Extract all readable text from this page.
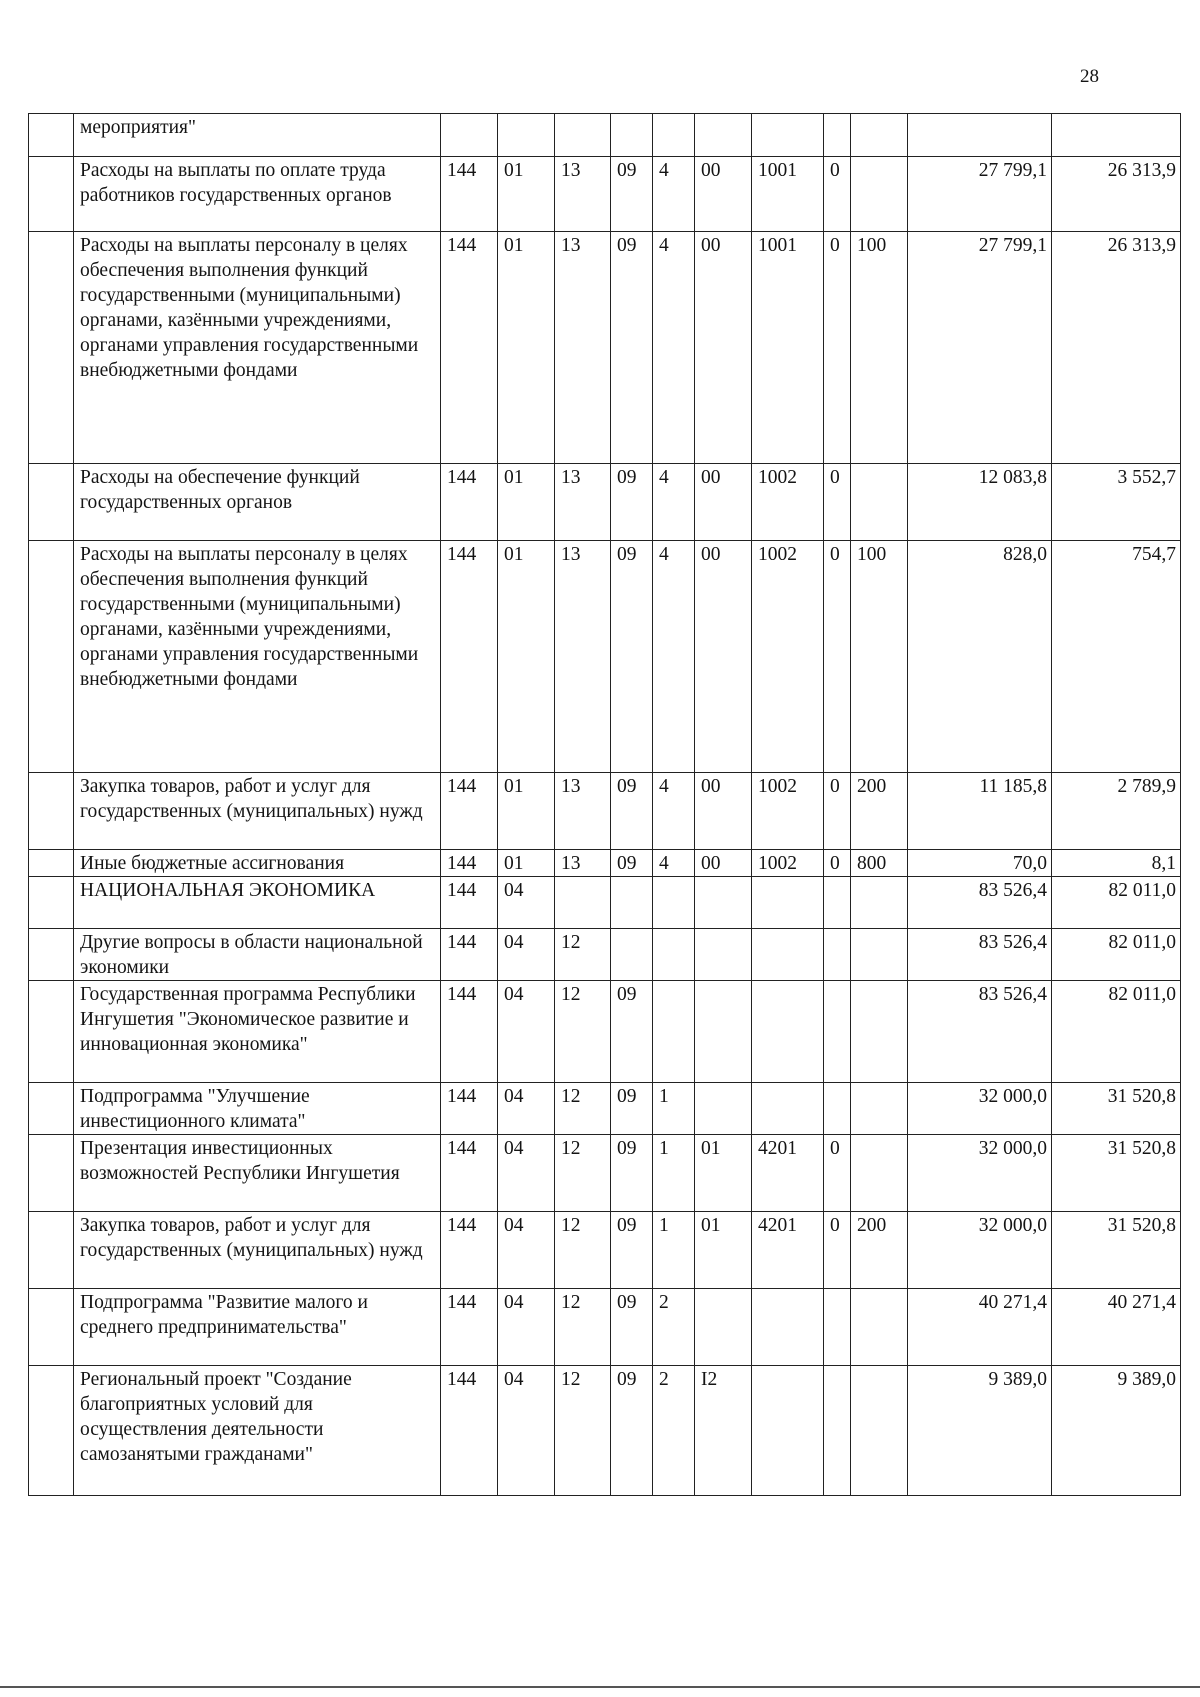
28
	мероприятия"											
	Расходы на выплаты по оплате труда работников государственных органов	144	01	13	09	4	00	1001	0		27 799,1	26 313,9
	Расходы на выплаты персоналу в целях обеспечения выполнения функций государственными (муниципальными) органами, казёнными учреждениями, органами управления государственными внебюджетными фондами	144	01	13	09	4	00	1001	0	100	27 799,1	26 313,9
	Расходы на обеспечение функций государственных органов	144	01	13	09	4	00	1002	0		12 083,8	3 552,7
	Расходы на выплаты персоналу в целях обеспечения выполнения функций государственными (муниципальными) органами, казёнными учреждениями, органами управления государственными внебюджетными фондами	144	01	13	09	4	00	1002	0	100	828,0	754,7
	Закупка товаров, работ и услуг для государственных (муниципальных) нужд	144	01	13	09	4	00	1002	0	200	11 185,8	2 789,9
	Иные бюджетные ассигнования	144	01	13	09	4	00	1002	0	800	70,0	8,1
	НАЦИОНАЛЬНАЯ ЭКОНОМИКА	144	04								83 526,4	82 011,0
	Другие вопросы в области национальной экономики	144	04	12							83 526,4	82 011,0
	Государственная программа Республики Ингушетия "Экономическое развитие и инновационная экономика"	144	04	12	09						83 526,4	82 011,0
	Подпрограмма "Улучшение инвестиционного климата"	144	04	12	09	1					32 000,0	31 520,8
	Презентация инвестиционных возможностей Республики Ингушетия	144	04	12	09	1	01	4201	0		32 000,0	31 520,8
	Закупка товаров, работ и услуг для государственных (муниципальных) нужд	144	04	12	09	1	01	4201	0	200	32 000,0	31 520,8
	Подпрограмма "Развитие малого и среднего предпринимательства"	144	04	12	09	2					40 271,4	40 271,4
	Региональный проект "Создание благоприятных условий для осуществления деятельности самозанятыми гражданами"	144	04	12	09	2	I2				9 389,0	9 389,0
